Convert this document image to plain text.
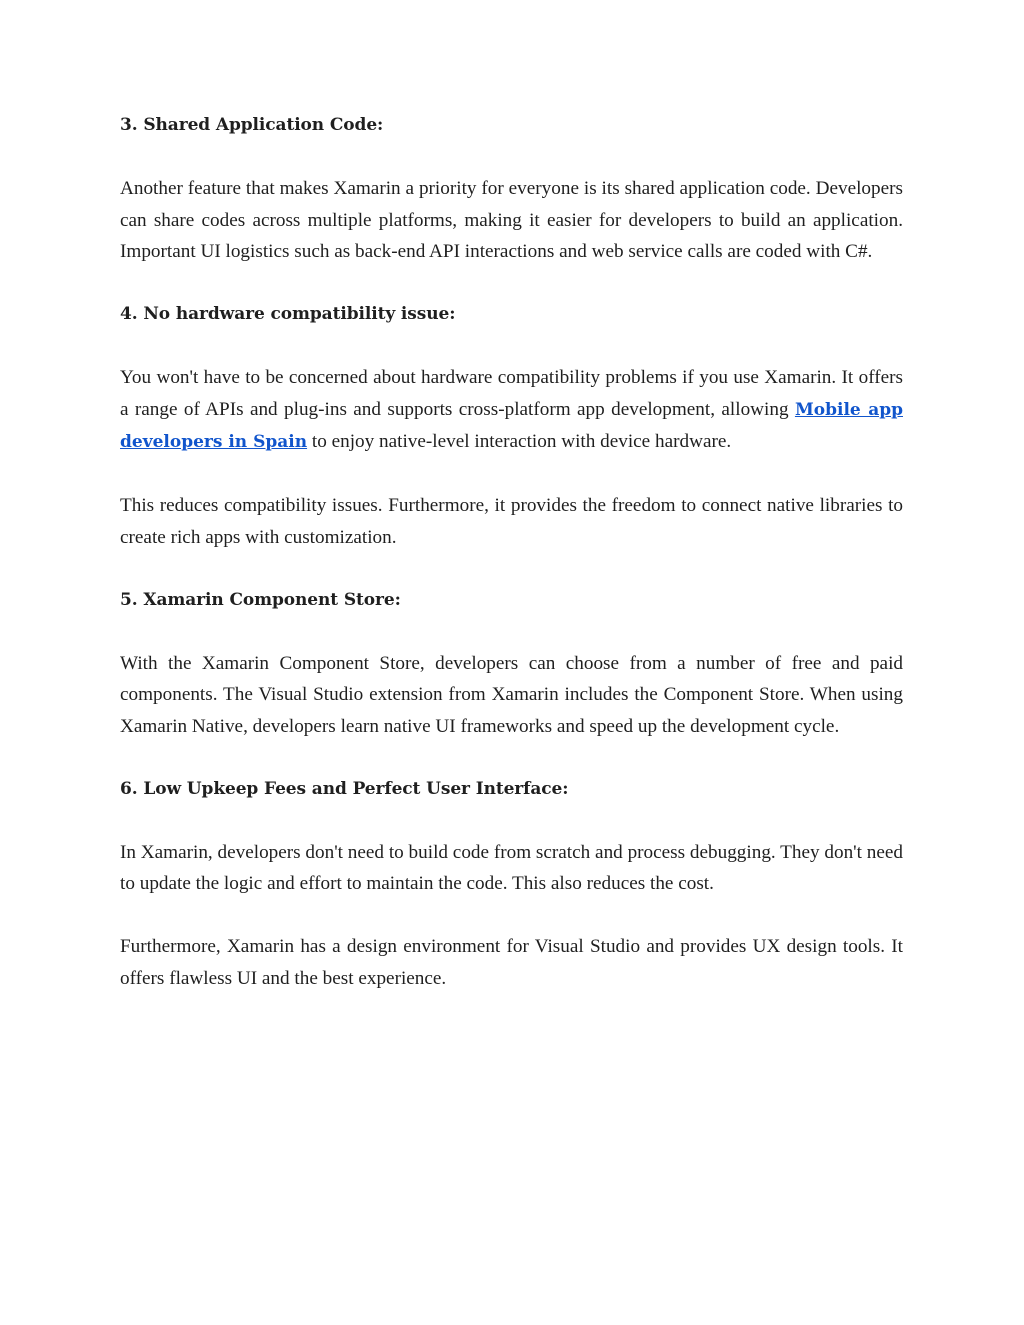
3. Shared Application Code:

Another feature that makes Xamarin a priority for everyone is its shared application code. Developers can share codes across multiple platforms, making it easier for developers to build an application. Important UI logistics such as back-end API interactions and web service calls are coded with C#.

4. No hardware compatibility issue:

You won't have to be concerned about hardware compatibility problems if you use Xamarin. It offers a range of APIs and plug-ins and supports cross-platform app development, allowing Mobile app developers in Spain to enjoy native-level interaction with device hardware.

This reduces compatibility issues. Furthermore, it provides the freedom to connect native libraries to create rich apps with customization.

5. Xamarin Component Store:

With the Xamarin Component Store, developers can choose from a number of free and paid components. The Visual Studio extension from Xamarin includes the Component Store. When using Xamarin Native, developers learn native UI frameworks and speed up the development cycle.

6. Low Upkeep Fees and Perfect User Interface:

In Xamarin, developers don't need to build code from scratch and process debugging. They don't need to update the logic and effort to maintain the code. This also reduces the cost.

Furthermore, Xamarin has a design environment for Visual Studio and provides UX design tools. It offers flawless UI and the best experience.
